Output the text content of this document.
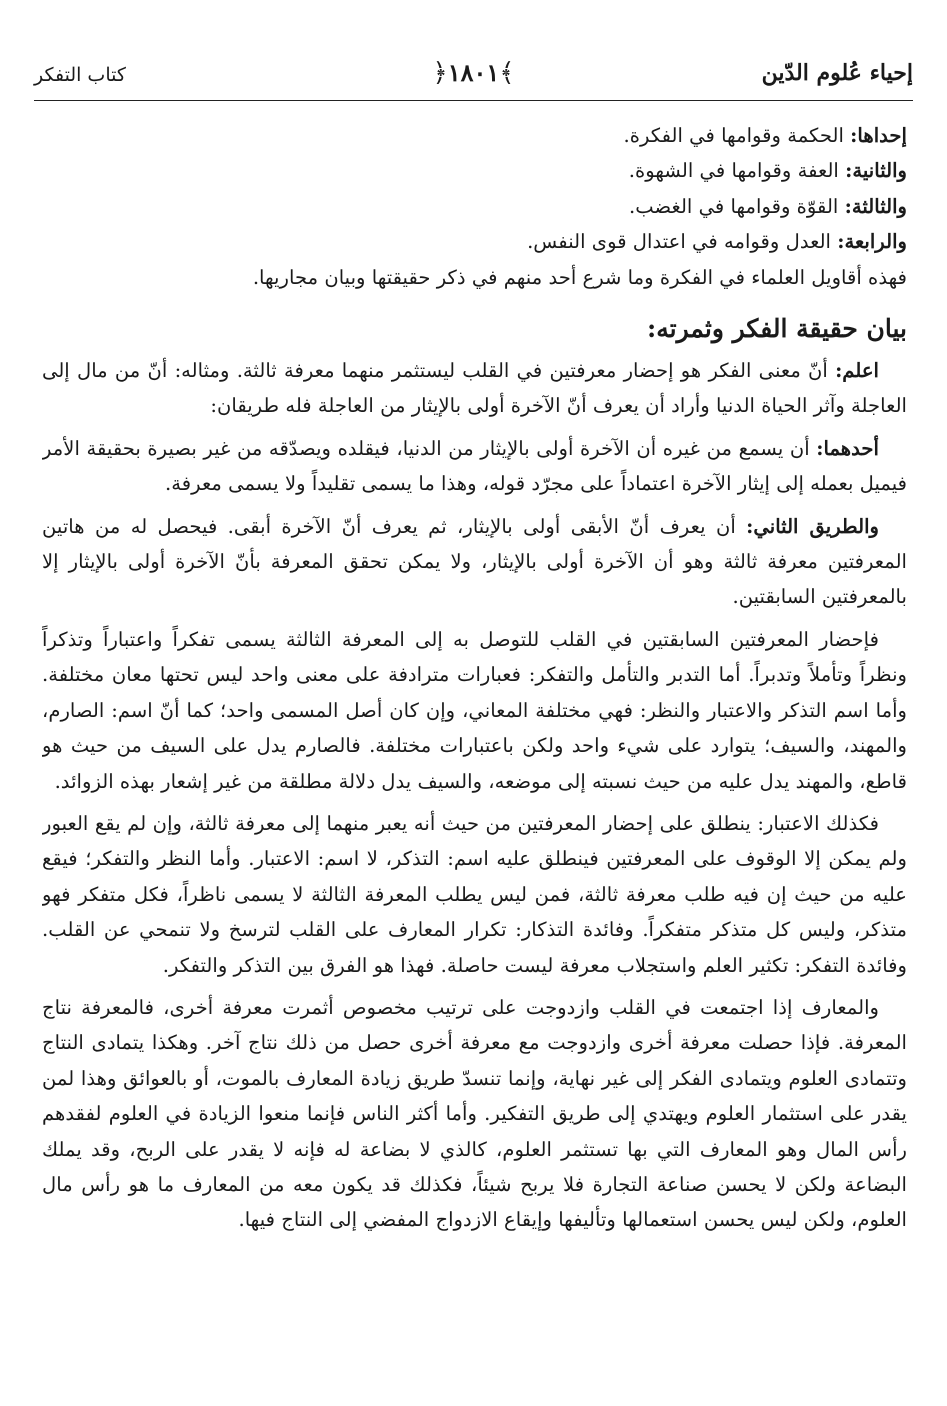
إحياء عُلوم الدّين
﴿١٨٠١﴾
كتاب التفكر

إحداها: الحكمة وقوامها في الفكرة.

والثانية: العفة وقوامها في الشهوة.

والثالثة: القوّة وقوامها في الغضب.

والرابعة: العدل وقوامه في اعتدال قوى النفس.

فهذه أقاويل العلماء في الفكرة وما شرع أحد منهم في ذكر حقيقتها وبيان مجاريها.

بيان حقيقة الفكر وثمرته:

اعلم: أنّ معنى الفكر هو إحضار معرفتين في القلب ليستثمر منهما معرفة ثالثة. ومثاله: أنّ من مال إلى العاجلة وآثر الحياة الدنيا وأراد أن يعرف أنّ الآخرة أولى بالإيثار من العاجلة فله طريقان:

أحدهما: أن يسمع من غيره أن الآخرة أولى بالإيثار من الدنيا، فيقلده ويصدّقه من غير بصيرة بحقيقة الأمر فيميل بعمله إلى إيثار الآخرة اعتماداً على مجرّد قوله، وهذا ما يسمى تقليداً ولا يسمى معرفة.

والطريق الثاني: أن يعرف أنّ الأبقى أولى بالإيثار، ثم يعرف أنّ الآخرة أبقى. فيحصل له من هاتين المعرفتين معرفة ثالثة وهو أن الآخرة أولى بالإيثار، ولا يمكن تحقق المعرفة بأنّ الآخرة أولى بالإيثار إلا بالمعرفتين السابقتين.

فإحضار المعرفتين السابقتين في القلب للتوصل به إلى المعرفة الثالثة يسمى تفكراً واعتباراً وتذكراً ونظراً وتأملاً وتدبراً. أما التدبر والتأمل والتفكر: فعبارات مترادفة على معنى واحد ليس تحتها معان مختلفة. وأما اسم التذكر والاعتبار والنظر: فهي مختلفة المعاني، وإن كان أصل المسمى واحد؛ كما أنّ اسم: الصارم، والمهند، والسيف؛ يتوارد على شيء واحد ولكن باعتبارات مختلفة. فالصارم يدل على السيف من حيث هو قاطع، والمهند يدل عليه من حيث نسبته إلى موضعه، والسيف يدل دلالة مطلقة من غير إشعار بهذه الزوائد.

فكذلك الاعتبار: ينطلق على إحضار المعرفتين من حيث أنه يعبر منهما إلى معرفة ثالثة، وإن لم يقع العبور ولم يمكن إلا الوقوف على المعرفتين فينطلق عليه اسم: التذكر، لا اسم: الاعتبار. وأما النظر والتفكر؛ فيقع عليه من حيث إن فيه طلب معرفة ثالثة، فمن ليس يطلب المعرفة الثالثة لا يسمى ناظراً، فكل متفكر فهو متذكر، وليس كل متذكر متفكراً. وفائدة التذكار: تكرار المعارف على القلب لترسخ ولا تنمحي عن القلب. وفائدة التفكر: تكثير العلم واستجلاب معرفة ليست حاصلة. فهذا هو الفرق بين التذكر والتفكر.

والمعارف إذا اجتمعت في القلب وازدوجت على ترتيب مخصوص أثمرت معرفة أخرى، فالمعرفة نتاج المعرفة. فإذا حصلت معرفة أخرى وازدوجت مع معرفة أخرى حصل من ذلك نتاج آخر. وهكذا يتمادى النتاج وتتمادى العلوم ويتمادى الفكر إلى غير نهاية، وإنما تنسدّ طريق زيادة المعارف بالموت، أو بالعوائق وهذا لمن يقدر على استثمار العلوم ويهتدي إلى طريق التفكير. وأما أكثر الناس فإنما منعوا الزيادة في العلوم لفقدهم رأس المال وهو المعارف التي بها تستثمر العلوم، كالذي لا بضاعة له فإنه لا يقدر على الربح، وقد يملك البضاعة ولكن لا يحسن صناعة التجارة فلا يربح شيئاً، فكذلك قد يكون معه من المعارف ما هو رأس مال العلوم، ولكن ليس يحسن استعمالها وتأليفها وإيقاع الازدواج المفضي إلى النتاج فيها.
